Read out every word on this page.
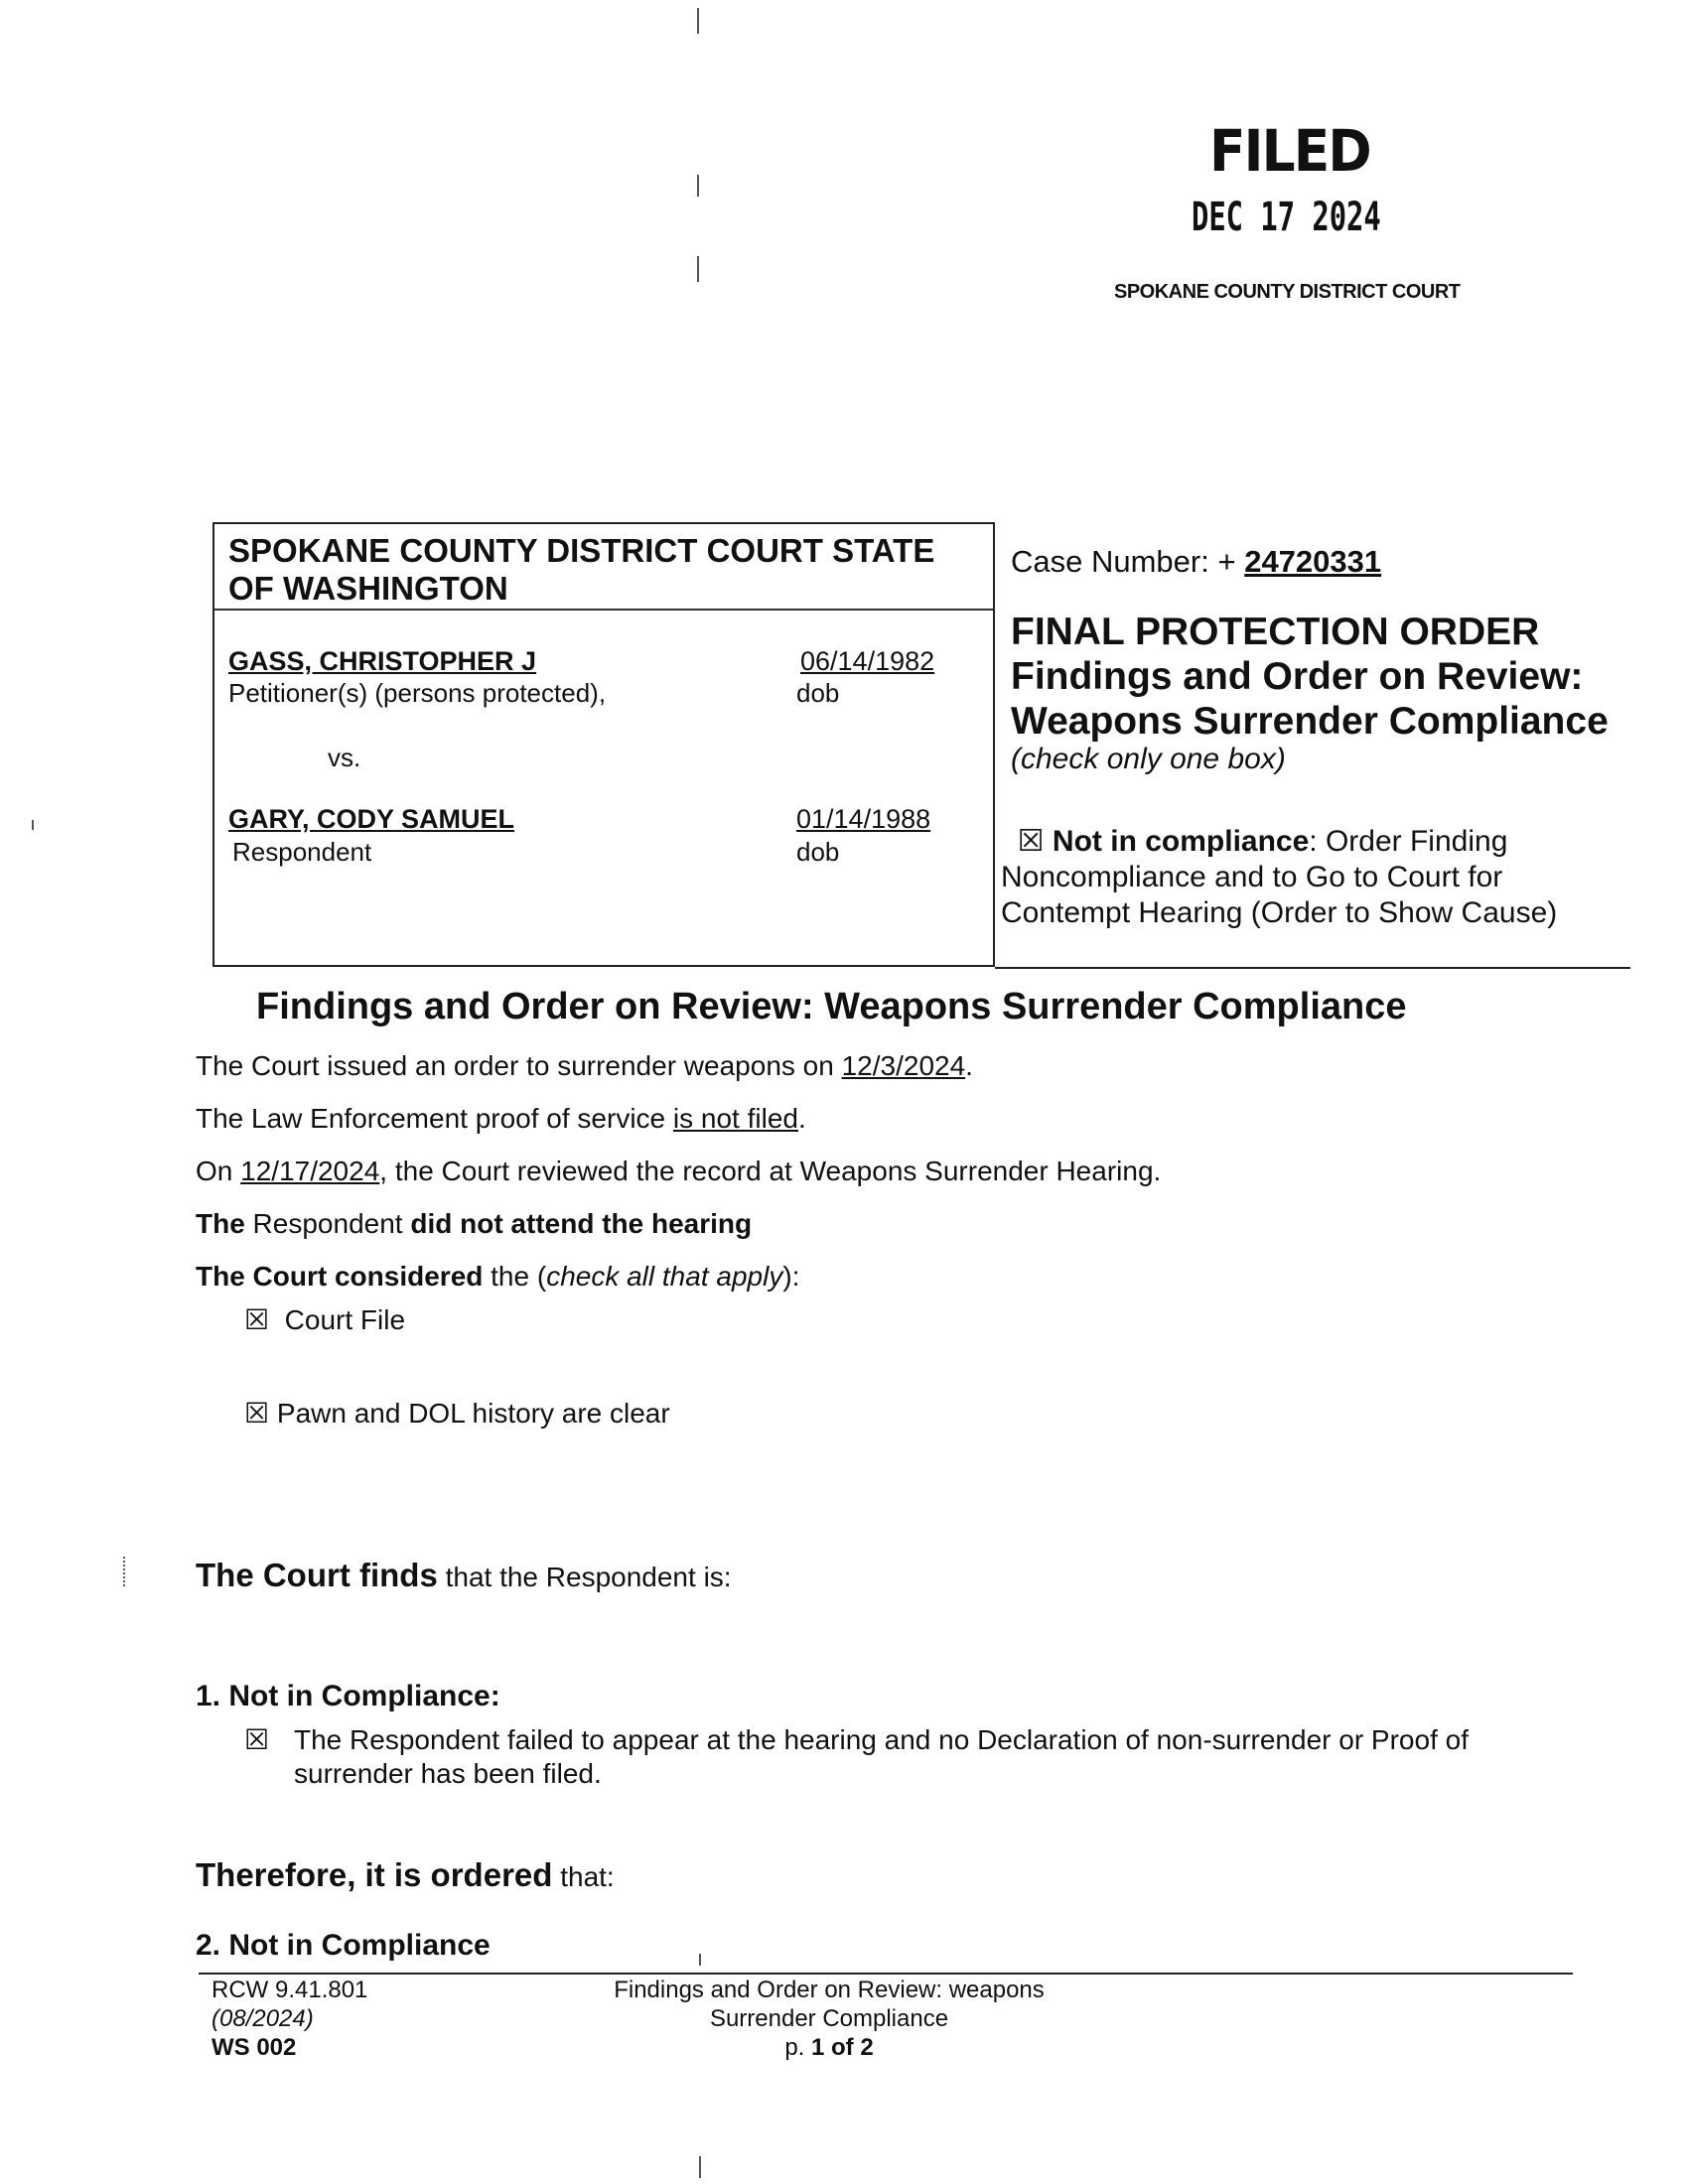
FILED
DEC 17 2024
SPOKANE COUNTY DISTRICT COURT
SPOKANE COUNTY DISTRICT COURT STATE OF WASHINGTON
GASS, CHRISTOPHER J
Petitioner(s) (persons protected),
06/14/1982
dob
vs.
GARY, CODY SAMUEL
Respondent
01/14/1988
dob
Case Number: + 24720331
FINAL PROTECTION ORDER Findings and Order on Review: Weapons Surrender Compliance
(check only one box)
☒ Not in compliance: Order Finding Noncompliance and to Go to Court for Contempt Hearing (Order to Show Cause)
Findings and Order on Review: Weapons Surrender Compliance
The Court issued an order to surrender weapons on 12/3/2024.
The Law Enforcement proof of service is not filed.
On 12/17/2024, the Court reviewed the record at Weapons Surrender Hearing.
The Respondent did not attend the hearing
The Court considered the (check all that apply):
☒ Court File
☒ Pawn and DOL history are clear
The Court finds that the Respondent is:
1. Not in Compliance:
☒ The Respondent failed to appear at the hearing and no Declaration of non-surrender or Proof of surrender has been filed.
Therefore, it is ordered that:
2. Not in Compliance
RCW 9.41.801
(08/2024)
WS 002
Findings and Order on Review: weapons
Surrender Compliance
p. 1 of 2
